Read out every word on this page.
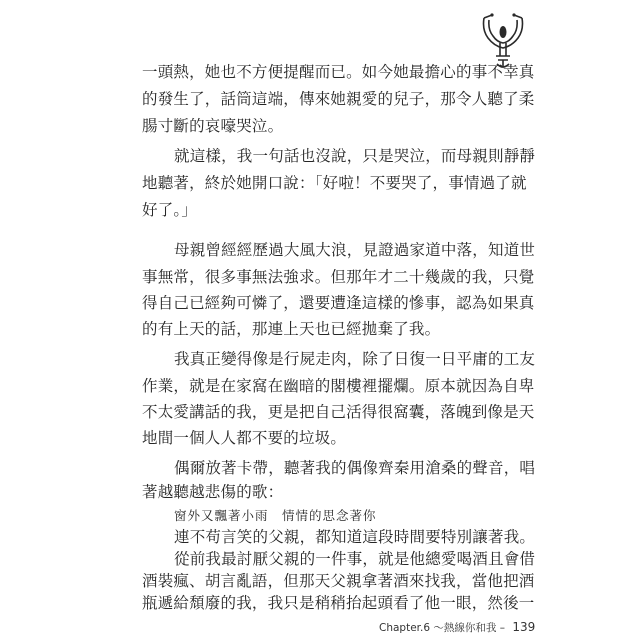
一頭熱，她也不方便提醒而已。如今她最擔心的事不幸真
的發生了，話筒這端，傳來她親愛的兒子，那令人聽了柔
腸寸斷的哀嚎哭泣。
就這樣，我一句話也沒說，只是哭泣，而母親則靜靜
地聽著，終於她開口說：「好啦！不要哭了，事情過了就
好了。」
母親曾經經歷過大風大浪，見證過家道中落，知道世
事無常，很多事無法強求。但那年才二十幾歲的我，只覺
得自己已經夠可憐了，還要遭逢這樣的慘事，認為如果真
的有上天的話，那連上天也已經拋棄了我。
我真正變得像是行屍走肉，除了日復一日平庸的工友
作業，就是在家窩在幽暗的閣樓裡擺爛。原本就因為自卑
不太愛講話的我，更是把自己活得很窩囊，落魄到像是天
地間一個人人都不要的垃圾。
偶爾放著卡帶，聽著我的偶像齊秦用滄桑的聲音，唱
著越聽越悲傷的歌：
窗外又飄著小雨　情情的思念著你
連不苟言笑的父親，都知道這段時間要特別讓著我。
從前我最討厭父親的一件事，就是他總愛喝酒且會借
Chapter.6 ～熱線你和我 – 139
酒裝瘋、胡言亂語，但那天父親拿著酒來找我，當他把酒
瓶遞給頹廢的我，我只是稍稍抬起頭看了他一眼，然後一
